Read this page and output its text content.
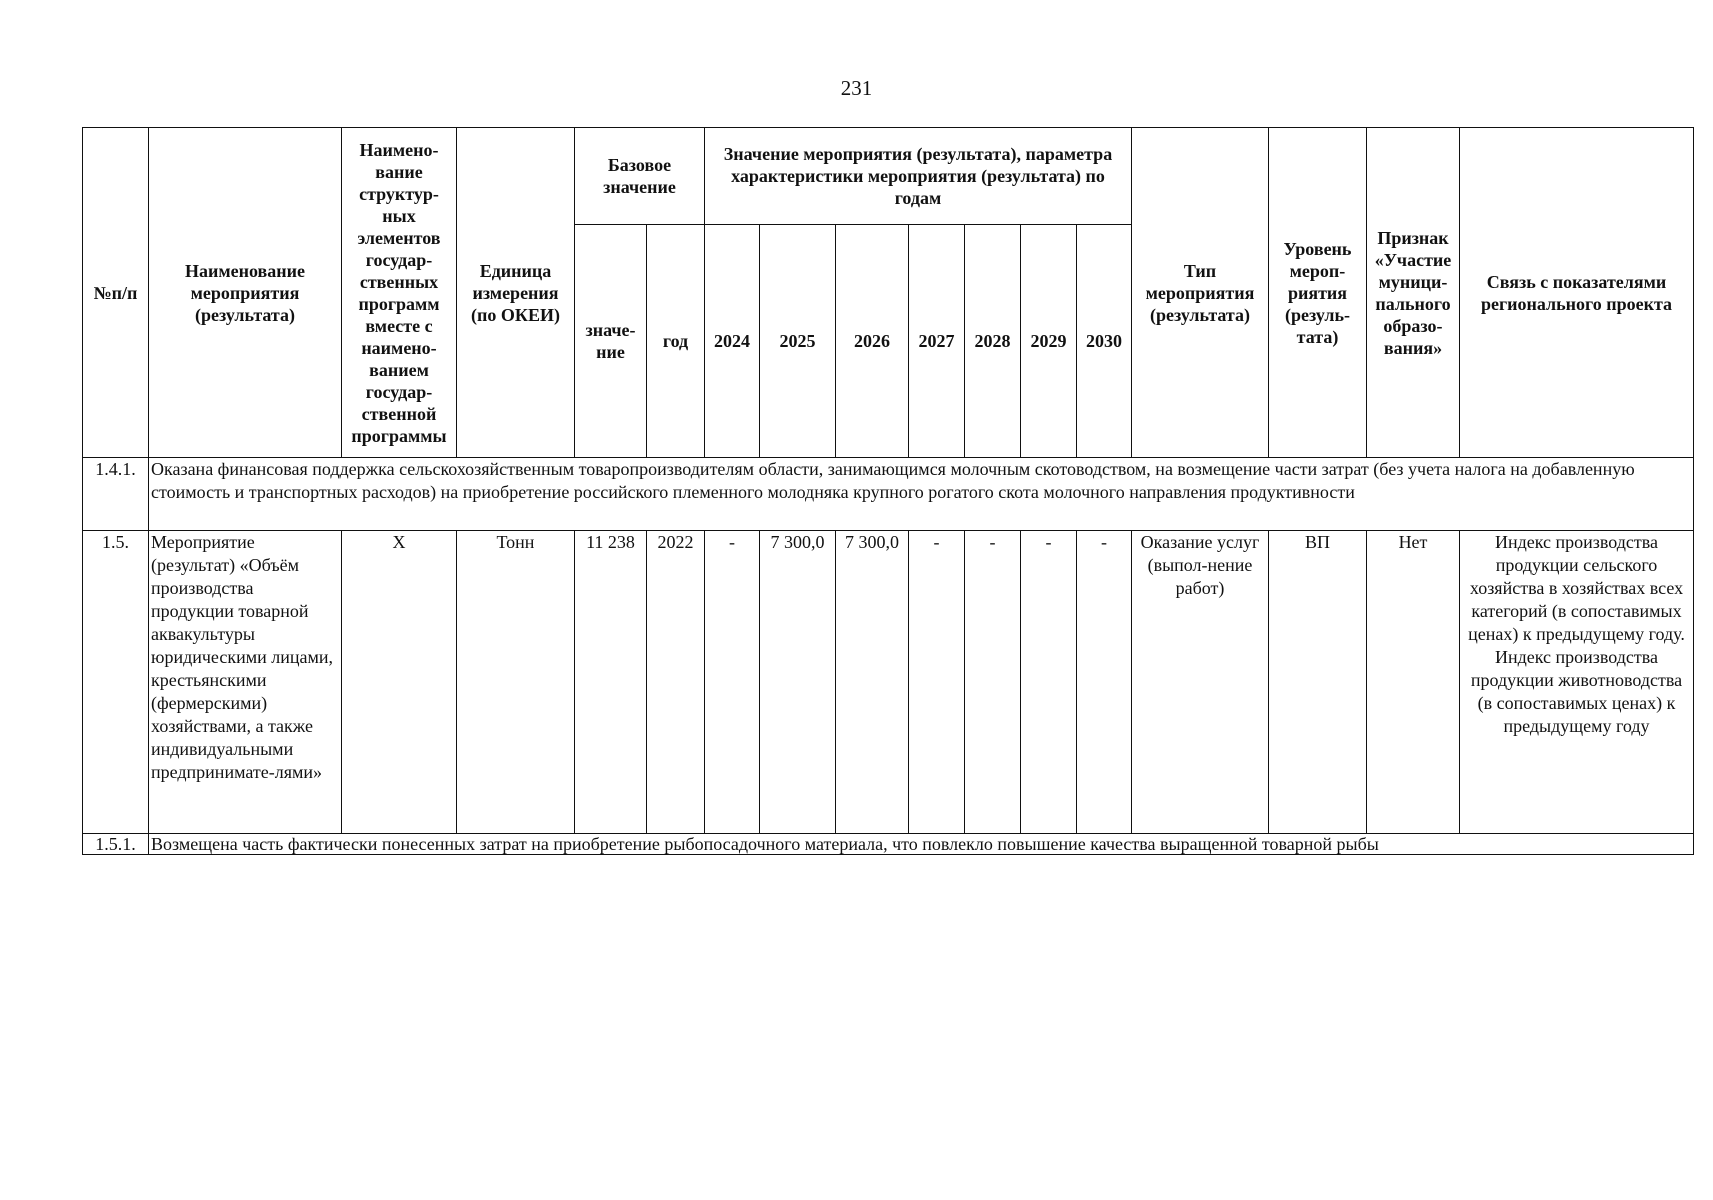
231
№п/п	Наименование мероприятия (результата)	Наимено-вание структур-ных элементов государ-ственных программ вместе с наимено-ванием государ-ственной программы	Единица измерения (по ОКЕИ)	Базовое значение		Значение мероприятия (результата), параметра характеристики мероприятия (результата) по годам							Тип мероприятия (результата)	Уровень мероп-риятия (резуль-тата)	Признак «Участие муници-пального образо-вания»	Связь с показателями регионального проекта
				значе-ние	год	2024	2025	2026	2027	2028	2029	2030				
1.4.1.	Оказана финансовая поддержка сельскохозяйственным товаропроизводителям области, занимающимся молочным скотоводством, на возмещение части затрат (без учета налога на добавленную стоимость и транспортных расходов) на приобретение российского племенного молодняка крупного рогатого скота молочного направления продуктивности															
1.5.	Мероприятие (результат) «Объём производства продукции товарной аквакультуры юридическими лицами, крестьянскими (фермерскими) хозяйствами, а также индивидуальными предпринимате-лями»	Х	Тонн	11 238	2022	-	7 300,0	7 300,0	-	-	-	-	Оказание услуг (выпол-нение работ)	ВП	Нет	Индекс производства продукции сельского хозяйства в хозяйствах всех категорий (в сопоставимых ценах) к предыдущему году. Индекс производства продукции животноводства (в сопоставимых ценах) к предыдущему году
1.5.1.	Возмещена часть фактически понесенных затрат на приобретение рыбопосадочного материала, что повлекло повышение качества выращенной товарной рыбы															
